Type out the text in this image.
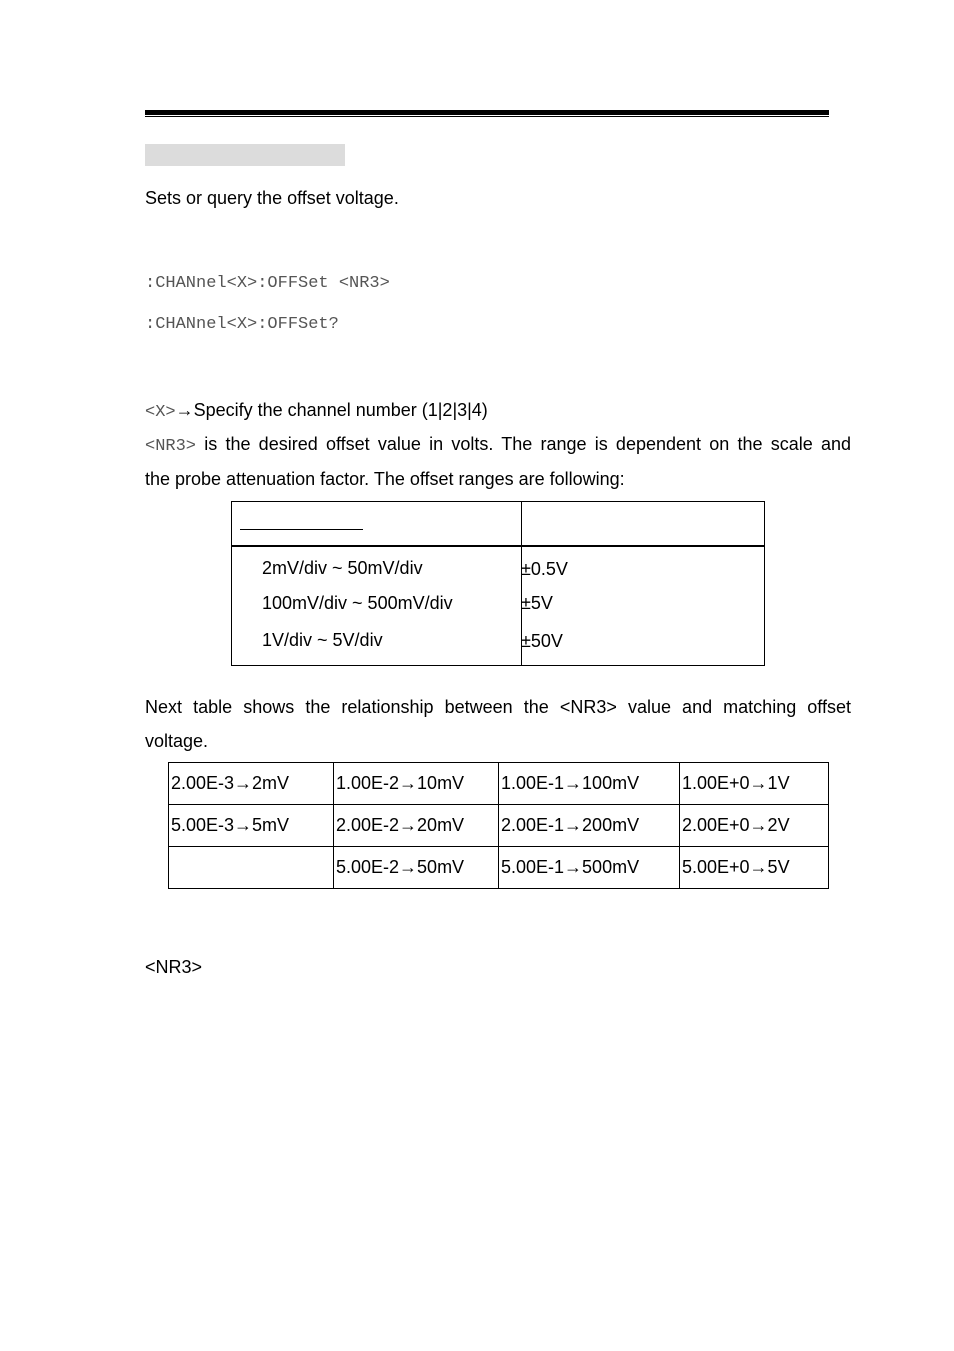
Sets or query the offset voltage.
:CHANnel<X>:OFFSet <NR3>
:CHANnel<X>:OFFSet?
<X>→Specify the channel number (1|2|3|4)
<NR3> is the desired offset value in volts. The range is dependent on the scale and
the probe attenuation factor. The offset ranges are following:
2mV/div ~ 50mV/div	±0.5V
100mV/div ~ 500mV/div	±5V
1V/div ~ 5V/div	±50V
Next table shows the relationship between the <NR3> value and matching offset
voltage.
2.00E-3→2mV	1.00E-2→10mV	1.00E-1→100mV	1.00E+0→1V
5.00E-3→5mV	2.00E-2→20mV	2.00E-1→200mV	2.00E+0→2V
	5.00E-2→50mV	5.00E-1→500mV	5.00E+0→5V
<NR3>
